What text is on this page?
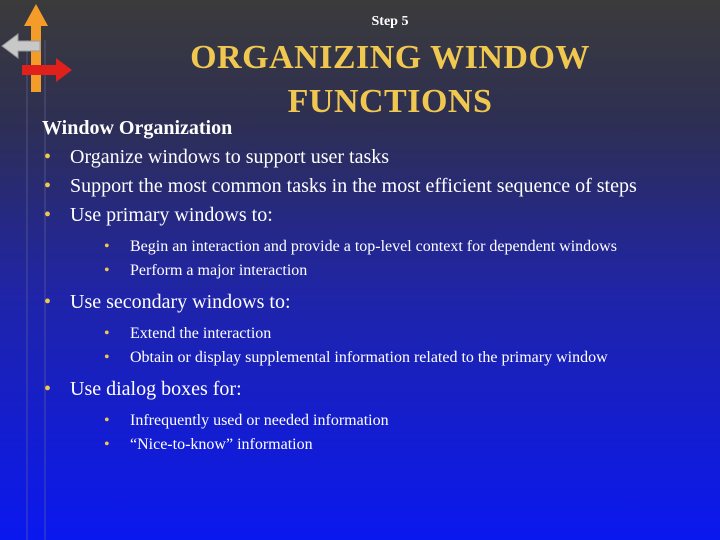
Step 5
ORGANIZING WINDOW
FUNCTIONS
Window Organization
• Organize windows to support user tasks
• Support the most common tasks in the most efficient sequence of steps
• Use primary windows to:
• Begin an interaction and provide a top-level context for dependent windows
• Perform a major interaction
• Use secondary windows to:
• Extend the interaction
• Obtain or display supplemental information related to the primary window
• Use dialog boxes for:
• Infrequently used or needed information
• “Nice-to-know” information
